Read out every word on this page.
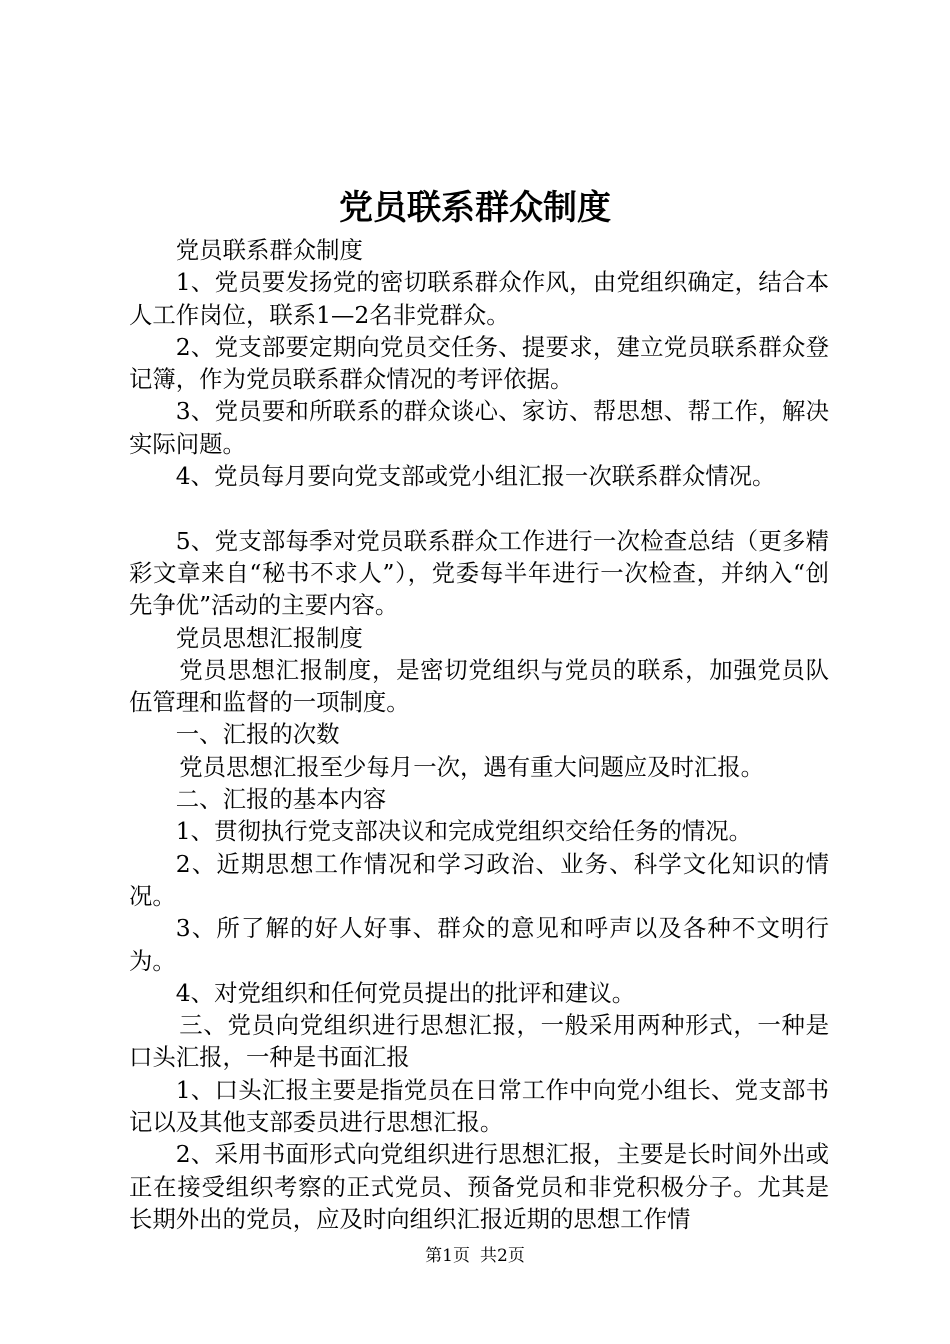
党员联系群众制度

党员联系群众制度

1、党员要发扬党的密切联系群众作风，由党组织确定，结合本人工作岗位，联系1—2名非党群众。

2、党支部要定期向党员交任务、提要求，建立党员联系群众登记簿，作为党员联系群众情况的考评依据。

3、党员要和所联系的群众谈心、家访、帮思想、帮工作，解决实际问题。

4、党员每月要向党支部或党小组汇报一次联系群众情况。

5、党支部每季对党员联系群众工作进行一次检查总结（更多精彩文章来自“秘书不求人”），党委每半年进行一次检查，并纳入“创先争优”活动的主要内容。

党员思想汇报制度

党员思想汇报制度，是密切党组织与党员的联系，加强党员队伍管理和监督的一项制度。

一、汇报的次数

党员思想汇报至少每月一次，遇有重大问题应及时汇报。

二、汇报的基本内容

1、贯彻执行党支部决议和完成党组织交给任务的情况。

2、近期思想工作情况和学习政治、业务、科学文化知识的情况。

3、所了解的好人好事、群众的意见和呼声以及各种不文明行为。

4、对党组织和任何党员提出的批评和建议。

三、党员向党组织进行思想汇报，一般采用两种形式，一种是口头汇报，一种是书面汇报

1、口头汇报主要是指党员在日常工作中向党小组长、党支部书记以及其他支部委员进行思想汇报。

2、采用书面形式向党组织进行思想汇报，主要是长时间外出或正在接受组织考察的正式党员、预备党员和非党积极分子。尤其是长期外出的党员，应及时向组织汇报近期的思想工作情

第1页 共2页
